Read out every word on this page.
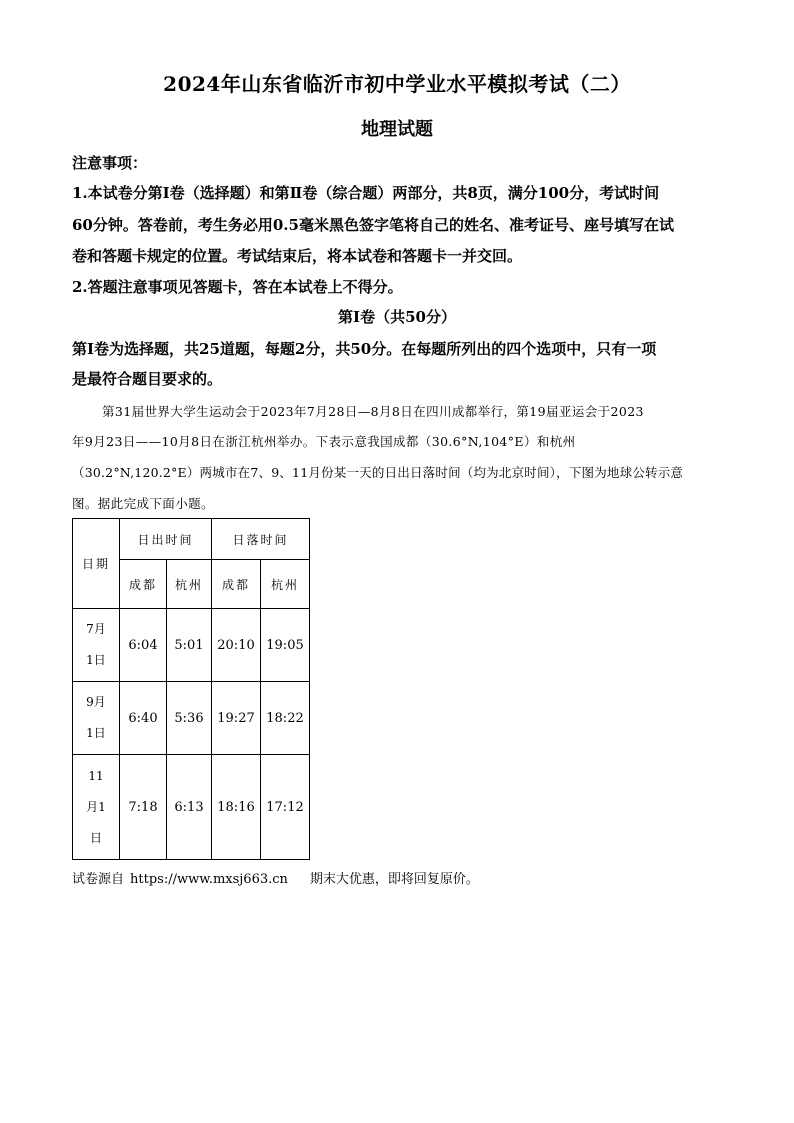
2024年山东省临沂市初中学业水平模拟考试（二）
地理试题
注意事项：
1.本试卷分第Ⅰ卷（选择题）和第Ⅱ卷（综合题）两部分，共8页，满分100分，考试时间
60分钟。答卷前，考生务必用0.5毫米黑色签字笔将自己的姓名、准考证号、座号填写在试
卷和答题卡规定的位置。考试结束后，将本试卷和答题卡一并交回。
2.答题注意事项见答题卡，答在本试卷上不得分。
第Ⅰ卷（共50分）
第Ⅰ卷为选择题，共25道题，每题2分，共50分。在每题所列出的四个选项中，只有一项
是最符合题目要求的。
第31届世界大学生运动会于2023年7月28日—8月8日在四川成都举行，第19届亚运会于2023
年9月23日——10月8日在浙江杭州举办。下表示意我国成都（30.6°N,104°E）和杭州
（30.2°N,120.2°E）两城市在7、9、11月份某一天的日出日落时间（均为北京时间），下图为地球公转示意
图。据此完成下面小题。
日期	日出时间		日落时间	
	成都	杭州	成都	杭州

7月
1日	6:04	5:01	20:10	19:05

9月
1日	6:40	5:36	19:27	18:22

11
月1
日	7:18	6:13	18:16	17:12
试卷源自 https://www.mxsj663.cn 期末大优惠，即将回复原价。
